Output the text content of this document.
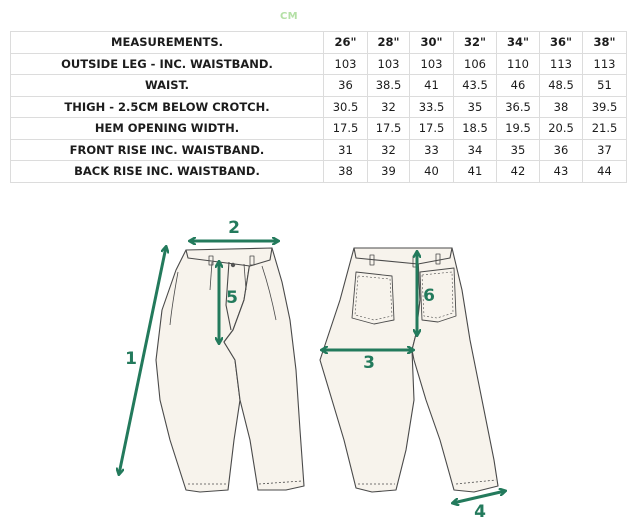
CM
MEASUREMENTS.	26"	28"	30"	32"	34"	36"	38"
OUTSIDE LEG - INC. WAISTBAND.	103	103	103	106	110	113	113
WAIST.	36	38.5	41	43.5	46	48.5	51
THIGH - 2.5CM BELOW CROTCH.	30.5	32	33.5	35	36.5	38	39.5
HEM OPENING WIDTH.	17.5	17.5	17.5	18.5	19.5	20.5	21.5
FRONT RISE INC. WAISTBAND.	31	32	33	34	35	36	37
BACK RISE INC. WAISTBAND.	38	39	40	41	42	43	44
1
2
3
4
5	6
